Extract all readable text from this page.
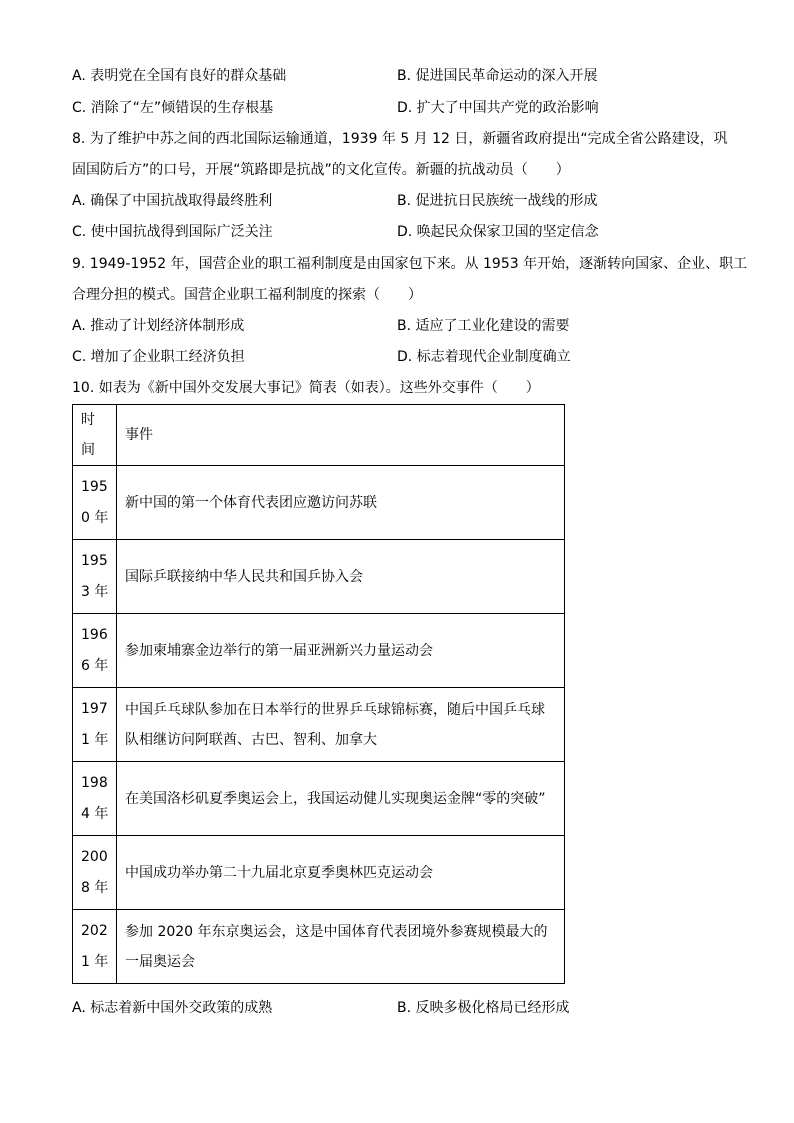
A. 表明党在全国有良好的群众基础	B. 促进国民革命运动的深入开展
C. 消除了“左”倾错误的生存根基	D. 扩大了中国共产党的政治影响
8. 为了维护中苏之间的西北国际运输通道，1939 年 5 月 12 日，新疆省政府提出“完成全省公路建设，巩
固国防后方”的口号，开展“筑路即是抗战”的文化宣传。新疆的抗战动员（　　）
A. 确保了中国抗战取得最终胜利	B. 促进抗日民族统一战线的形成
C. 使中国抗战得到国际广泛关注	D. 唤起民众保家卫国的坚定信念
9. 1949-1952 年，国营企业的职工福利制度是由国家包下来。从 1953 年开始，逐渐转向国家、企业、职工
合理分担的模式。国营企业职工福利制度的探索（　　）
A. 推动了计划经济体制形成	B. 适应了工业化建设的需要
C. 增加了企业职工经济负担	D. 标志着现代企业制度确立
10. 如表为《新中国外交发展大事记》简表（如表）。这些外交事件（　　）
时间	事件

1950 年	新中国的第一个体育代表团应邀访问苏联

1953 年	国际乒联接纳中华人民共和国乒协入会

1966 年	参加柬埔寨金边举行的第一届亚洲新兴力量运动会

1971 年	中国乒乓球队参加在日本举行的世界乒乓球锦标赛，随后中国乒乓球队相继访问阿联酋、古巴、智利、加拿大

1984 年	在美国洛杉矶夏季奥运会上，我国运动健儿实现奥运金牌“零的突破”

2008 年	中国成功举办第二十九届北京夏季奥林匹克运动会

2021 年	参加 2020 年东京奥运会，这是中国体育代表团境外参赛规模最大的一届奥运会
A. 标志着新中国外交政策的成熟	B. 反映多极化格局已经形成
